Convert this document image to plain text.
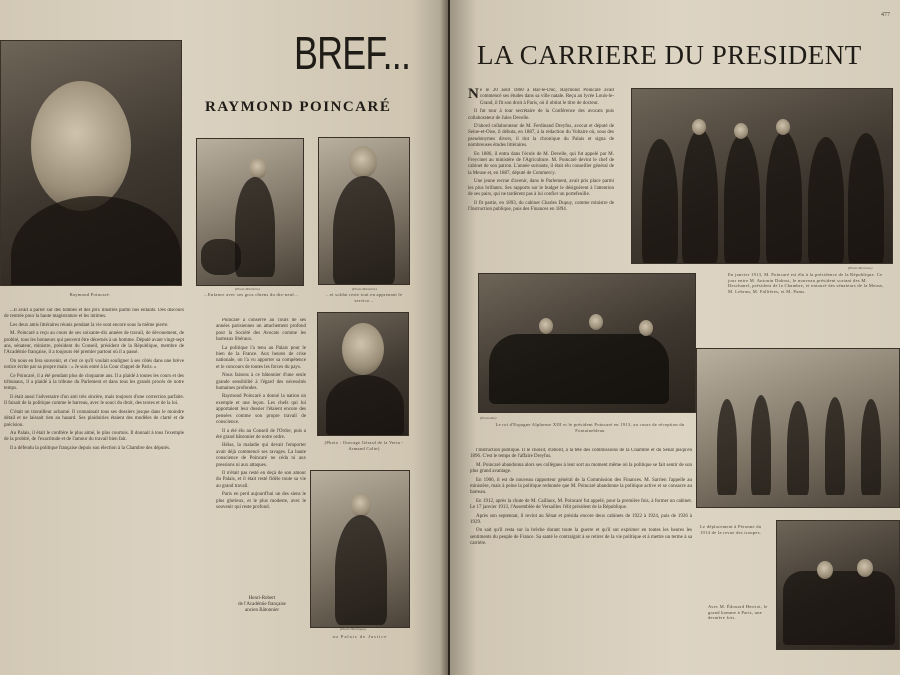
Raymond Poincaré.
BREF...
RAYMOND POINCARÉ
(Photo Ministère)
...Enfance avec ses gros chiens du dix-neuf...
(Photo Ministère)
...et soldat reste tout en apprenant le service...
(Photo : Ouvrage Gérard de la Vertu - Armand Colin)
(Photo Harlingue)
au Palais de Justice

...Il avait à parler sur des tombes et des prix illustres parmi nos enfants. Des discours de rentrée pour la haute magistrature et les intimes.

Les deux amis littéraires réunis pendant la vie sont encore sous la même pierre.

M. Poincaré a reçu au cours de ses soixante-dix années de travail, de dévouement, de probité, tous les honneurs qui peuvent être décernés à un homme. Député avant vingt-sept ans, sénateur, ministre, président du Conseil, président de la République, membre de l'Académie française, il a toujours été premier partout où il a passé.

On nous en fera souvenir, et c'est ce qu'il voulait souligner à ses côtés dans une brève notice écrite par sa propre main : « Je suis entré à la Cour d'appel de Paris. »

Ce Poincaré, il a été pendant plus de cinquante ans. Il a plaidé à toutes les cours et des tribunaux, il a plaidé à la tribune du Parlement et dans tous les grands procès de notre temps.

Il était aussi l'adversaire d'un ami très sincère, mais toujours d'une correction parfaite. Il faisait de la politique comme le barreau, avec le souci du droit, des textes et de la loi.

C'était un travailleur acharné. Il connaissait tous ses dossiers jusque dans le moindre détail et ne laissait rien au hasard. Ses plaidoiries étaient des modèles de clarté et de précision.

Au Palais, il était le confrère le plus aimé, le plus courtois. Il donnait à tous l'exemple de la probité, de l'exactitude et de l'amour du travail bien fait.

Il a défendu la politique française depuis son élection à la Chambre des députés.

Poincaré a conservé au cours de ses années parisiennes un attachement profond pour la Société des Avocats comme les barreaux libéraux.

La politique l'a tenu au Palais pour le bien de la France. Aux heures de crise nationale, on l'a vu apporter sa compétence et le concours de toutes les forces du pays.

Nous faisons à ce bâtonnier d'une seule grande sensibilité à l'égard des nécessités humaines profondes.

Raymond Poincaré a donné la nation un exemple et une leçon. Les chefs qui lui apportaient leur dossier l'étaient encore des pensées comme son propre travail de conscience.

Il a été élu au Conseil de l'Ordre, puis a été grand bâtonnier de notre ordre.

Hélas, la maladie qui devait l'emporter avait déjà commencé ses ravages. La haute conscience de Poincaré ne céda ni aux pressions ni aux attaques.

Il n'était pas resté en deçà de son amour du Palais, et il était resté fidèle toute sa vie au grand travail.

Paris en perd aujourd'hui un des siens le plus glorieux, et le plus modeste, avec le souvenir qui reste profond.

Henri-Robert
de l'Académie française
ancien Bâtonnier
477
LA CARRIERE DU PRESIDENT

Né le 20 août 1860 à Bar-le-Duc, Raymond Poincaré avait commencé ses études dans sa ville natale. Reçu au lycée Louis-le-Grand, il fit son droit à Paris, où il obtint le titre de docteur.

Il fut tour à tour secrétaire de la Conférence des avocats puis collaborateur de Jules Develle.

D'abord collaborateur de M. Ferdinand Dreyfus, avocat et député de Seine-et-Oise, il débuta, en 1887, à la rédaction du Voltaire où, sous des pseudonymes divers, il tint la chronique du Palais et signa de nombreuses études littéraires.

En 1886, il entra dans l'école de M. Develle, qui fut appelé par M. Freycinet au ministère de l'Agriculture. M. Poincaré devint le chef de cabinet de son patron. L'année suivante, il était élu conseiller général de la Meuse et, en 1887, député de Commercy.

Une jeune recrue d'avenir, dans le Parlement, avait pris place parmi les plus brillants. Ses rapports sur le budget le désignèrent à l'attention de ses pairs, qui ne tardèrent pas à lui confier un portefeuille.

Il fit partie, en 1893, du cabinet Charles Dupuy, comme ministre de l'Instruction publique, puis des Finances en 1894.

(Photo Meurisse)
En janvier 1913, M. Poincaré est élu à la présidence de la République. Ce jour entre M. Antonin Dubost, le nouveau président sortant des M. Deschanel, président de la Chambre, et entouré des sénateurs de la Meuse, M. Lebrun, M. Fallières, et M. Pams.
(Photo Rol)
Le roi d'Espagne Alphonse XIII et le président Poincaré en 1913, au cours de réception du Fontainebleau
Le déplacement à Péronne du 1914 de la revue des troupes.
Avec M. Édouard Herriot, le grand homme à Paris, une dernière fois.

l'Instruction publique. Il le choisit, d'abord, à la tête des commissions de la Chambre et du Sénat jusqu'en 1896. C'est le temps de l'affaire Dreyfus.

M. Poincaré abandonna alors ses collègues à leur sort au moment même où la politique se fait sentir de son plus grand avantage.

En 1906, il est de nouveau rapporteur général de la Commission des Finances. M. Sarrien l'appelle au ministère, mais à peine la politique redonnée que M. Poincaré abandonne la politique active et se consacre au barreau.

En 1912, après la chute de M. Caillaux, M. Poincaré fut appelé, pour la première fois, à former un cabinet. Le 17 janvier 1913, l'Assemblée de Versailles l'élit président de la République.

Après son septennat, il revint au Sénat et présida encore deux cabinets de 1922 à 1924, puis de 1926 à 1929.

On sait qu'il resta sur la brèche durant toute la guerre et qu'il sut exprimer en toutes les heures les sentiments du peuple de France. Sa santé le contraignit à se retirer de la vie politique et à mettre un terme à sa carrière.
